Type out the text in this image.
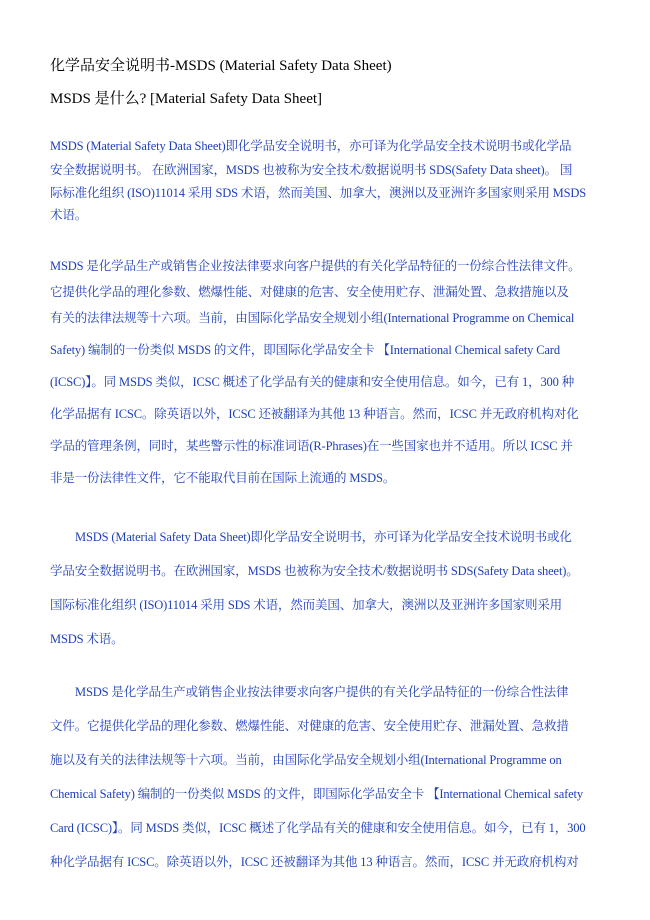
化学品安全说明书-MSDS (Material Safety Data Sheet)
MSDS 是什么? [Material Safety Data Sheet]
MSDS (Material Safety Data Sheet)即化学品安全说明书，亦可译为化学品安全技术说明书或化学品
安全数据说明书。 在欧洲国家，MSDS 也被称为安全技术/数据说明书 SDS(Safety Data sheet)。 国
际标准化组织 (ISO)11014 采用 SDS 术语，然而美国、加拿大，澳洲以及亚洲许多国家则采用 MSDS
术语。
MSDS 是化学品生产或销售企业按法律要求向客户提供的有关化学品特征的一份综合性法律文件。
它提供化学品的理化参数、燃爆性能、对健康的危害、安全使用贮存、泄漏处置、急救措施以及
有关的法律法规等十六项。当前，由国际化学品安全规划小组(International Programme on Chemical
Safety) 编制的一份类似 MSDS 的文件，即国际化学品安全卡 【International Chemical safety Card
(ICSC)】。同 MSDS 类似，ICSC 概述了化学品有关的健康和安全使用信息。如今，已有 1，300 种
化学品据有 ICSC。除英语以外，ICSC 还被翻译为其他 13 种语言。然而，ICSC 并无政府机构对化
学品的管理条例，同时，某些警示性的标准词语(R-Phrases)在一些国家也并不适用。所以 ICSC 并
非是一份法律性文件，它不能取代目前在国际上流通的 MSDS。
MSDS (Material Safety Data Sheet)即化学品安全说明书，亦可译为化学品安全技术说明书或化
学品安全数据说明书。在欧洲国家，MSDS 也被称为安全技术/数据说明书 SDS(Safety Data sheet)。
国际标准化组织 (ISO)11014 采用 SDS 术语，然而美国、加拿大，澳洲以及亚洲许多国家则采用
MSDS 术语。
MSDS 是化学品生产或销售企业按法律要求向客户提供的有关化学品特征的一份综合性法律
文件。它提供化学品的理化参数、燃爆性能、对健康的危害、安全使用贮存、泄漏处置、急救措
施以及有关的法律法规等十六项。当前，由国际化学品安全规划小组(International Programme on
Chemical Safety) 编制的一份类似 MSDS 的文件，即国际化学品安全卡 【International Chemical safety
Card (ICSC)】。同 MSDS 类似，ICSC 概述了化学品有关的健康和安全使用信息。如今，已有 1，300
种化学品据有 ICSC。除英语以外，ICSC 还被翻译为其他 13 种语言。然而，ICSC 并无政府机构对
